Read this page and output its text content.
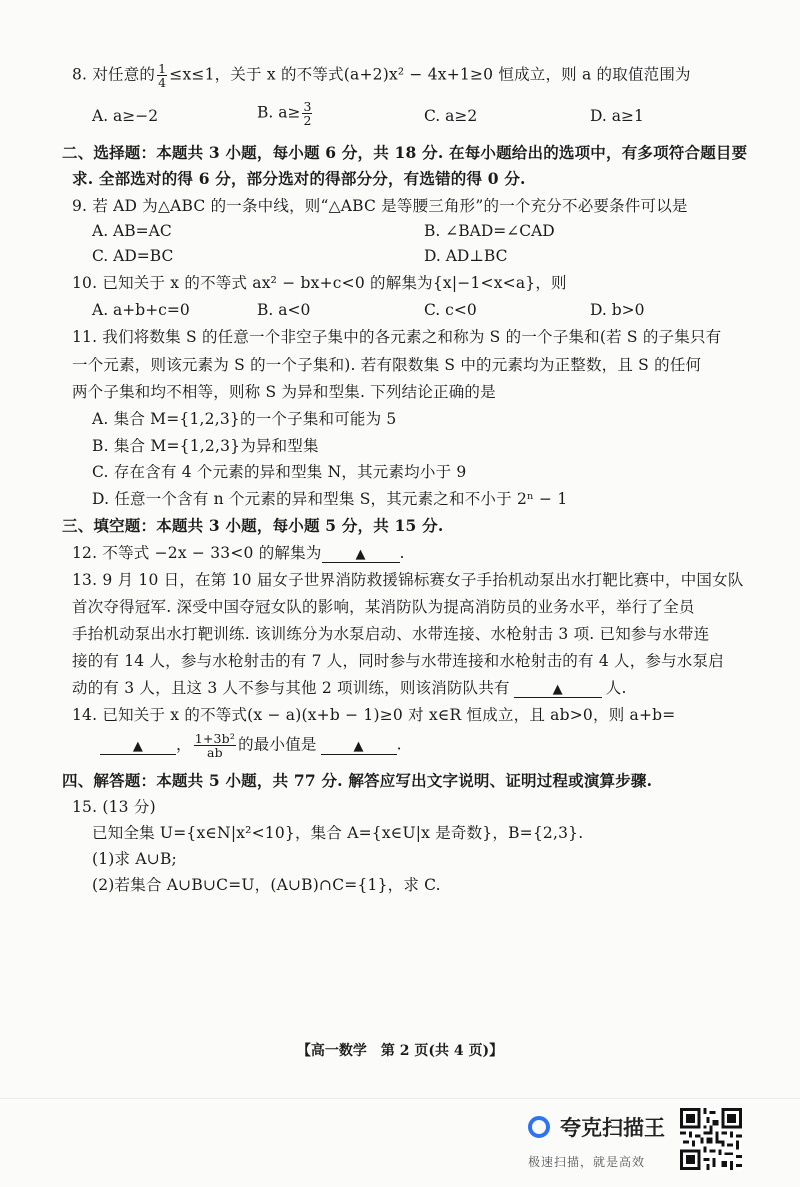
8. 对任意的 $\frac{1}{4} \le x\le 1$，关于 x 的不等式(a+2)x² − 4x+1≥0 恒成立，则 a 的取值范围为
A. a≥−2	B. $a\ge \frac{3}{2}$	C. a≥2	D. a≥1
二、选择题：本题共 3 小题，每小题 6 分，共 18 分. 在每小题给出的选项中，有多项符合题目要
求. 全部选对的得 6 分，部分选对的得部分分，有选错的得 0 分.
9. 若 AD 为△ABC 的一条中线，则“△ABC 是等腰三角形”的一个充分不必要条件可以是
A. AB=AC	B. ∠BAD=∠CAD
C. AD=BC	D. AD⊥BC
10. 已知关于 x 的不等式 ax² − bx+c<0 的解集为{x|−1<x<a}，则
A. a+b+c=0	B. a<0	C. c<0	D. b>0
11. 我们将数集 S 的任意一个非空子集中的各元素之和称为 S 的一个子集和(若 S 的子集只有
一个元素，则该元素为 S 的一个子集和). 若有限数集 S 中的元素均为正整数，且 S 的任何
两个子集和均不相等，则称 S 为异和型集. 下列结论正确的是
A. 集合 M={1,2,3}的一个子集和可能为 5
B. 集合 M={1,2,3}为异和型集
C. 存在含有 4 个元素的异和型集 N，其元素均小于 9
D. 任意一个含有 n 个元素的异和型集 S，其元素之和不小于 2ⁿ − 1
三、填空题：本题共 3 小题，每小题 5 分，共 15 分.
12. 不等式 −2x − 33<0 的解集为	▲ .
13. 9 月 10 日，在第 10 届女子世界消防救援锦标赛女子手抬机动泵出水打靶比赛中，中国女队
首次夺得冠军. 深受中国夺冠女队的影响，某消防队为提高消防员的业务水平，举行了全员
手抬机动泵出水打靶训练. 该训练分为水泵启动、水带连接、水枪射击 3 项. 已知参与水带连
接的有 14 人，参与水枪射击的有 7 人，同时参与水带连接和水枪射击的有 4 人，参与水泵启
动的有 3 人，且这 3 人不参与其他 2 项训练，则该消防队共有	▲	人.
14. 已知关于 x 的不等式(x − a)(x+b − 1)≥0 对 x∈R 恒成立，且 ab>0，则 a+b=
▲ ， $\frac{\text{1+3b²}}{ab}$ 的最小值是	▲ .
四、解答题：本题共 5 小题，共 77 分. 解答应写出文字说明、证明过程或演算步骤.
15. (13 分)
已知全集 U={x∈N|x²<10}，集合 A={x∈U|x 是奇数}，B={2,3}.
(1)求 A∪B;
(2)若集合 A∪B∪C=U，(A∪B)∩C={1}，求 C.
【高一数学　第 2 页(共 4 页)】
夸克扫描王
极速扫描，就是高效
